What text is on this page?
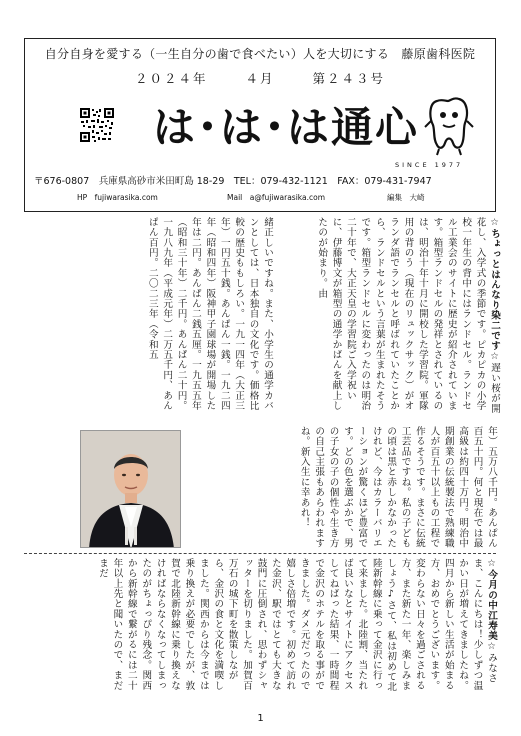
自分自身を愛する（一生自分の歯で食べたい）人を大切にする　藤原歯科医院
２０２４年	４月	第２４３号
は･は･は通心
SINCE 1977
〒676-0807　兵庫県高砂市米田町島 18-29　TEL：079-432-1121　FAX：079-431-7947
HP　fujiwarasika.com	Mail　a@fujiwarasika.com	編集　大崎
☆ちょっとはんなり染二です☆遅い桜が開花し、入学式の季節です。ピカピカの小学校一年生の背中にはランドセル。ランドセル工業会のサイトに歴史が紹介されています。箱型ランドセルの発祥とされているのは、明治十年十月に開校した学習院。軍隊用の背のう（現在のリュックサック）がオランダ語でランセルと呼ばれていたことから、ランドセルという言葉が生まれたそうです。箱型ランドセルに変わったのは明治二十年で、大正天皇の学習院ご入学祝いに、伊藤博文が箱型の通学かばんを献上したのが始まり。由
緒正しいですね。また、小学生の通学カバンとしては、日本独自の文化です。価格比較の歴史ももしろい。一九一四年（大正三年）一円五十銭。あんぱん一銭。一九二四年（昭和四年）阪神甲子園球場が開場した年は二円。あんぱん二銭五厘。一九五五年（昭和三十年）二千円。あんぱん二十円。一九八九年（平成元年）二万五千円、あんぱん百円。二〇二三年（令和五
年）五万八千円。あんぱん百五十円。何と現在では最高級は約四十万円。明治中期創業の伝統製法で熟練職人が百五十以上もの工程で作るそうです。まさに伝統工芸品ですね。私の子どもの頃は黒と赤しかなかったけれど、今はカラーバリエーションが驚くほど豊富です。どの色を選ぶかで、男の子女の子の個性や生き方の自己主張もあらわれますね。新入生に幸あれ！
☆今月の中江寿美☆みなさま、こんにちは！少しずつ温かい日が増えてきましたね。四月から新しい生活が始まる方、おめでとうございます。変わらない日々を過ごされる方、また新た一年、楽しみましょう♪さて、私は初めて北陸新幹線に乗って金沢に行って来ました。北陸割、当たれば良いなとサイトにアクセスしてねばった結果、一時間程で金沢のホテルを取る事ができました。ダメ元だったので嬉しさ倍増です。初めて訪れた金沢、駅ではとても大きな鼓門に圧倒され、思わずシャッターを切りました。加賀百万石の城下町を散策しながら、金沢の食と文化を満喫しました。関西からは今までは乗り換えが必要でしたが、敦賀で北陸新幹線に乗り換えなければならなくなってしまったのがちょっぴり残念。関西から新幹線で繋がるには二十年以上先と聞いたので、まだまだ
1
